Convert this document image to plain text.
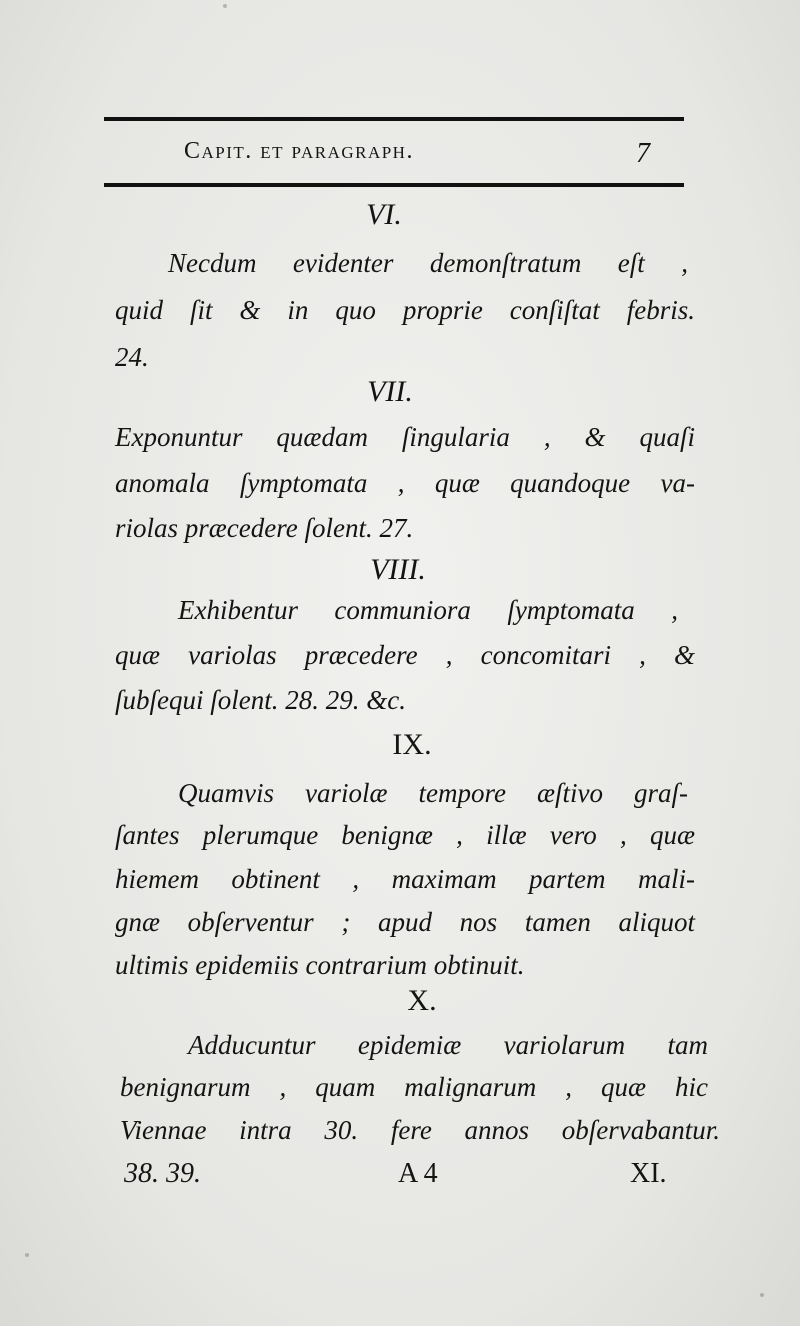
Capit. et paragraph.	7
VI.
Necdum evidenter demonſtratum eſt ,
quid ſit & in quo proprie conſiſtat febris.
24.
VII.
Exponuntur quædam ſingularia , & quaſi
anomala ſymptomata , quæ quandoque va-
riolas præcedere ſolent. 27.
VIII.
Exhibentur communiora ſymptomata ,
quæ variolas præcedere , concomitari , &
ſubſequi ſolent. 28. 29. &c.
IX.
Quamvis variolæ tempore æſtivo graſ-
ſantes plerumque benignæ , illæ vero , quæ
hiemem obtinent , maximam partem mali-
gnæ obſerventur ; apud nos tamen aliquot
ultimis epidemiis contrarium obtinuit.
X.
Adducuntur epidemiæ variolarum tam
benignarum , quam malignarum , quæ hic
Viennae intra 30. fere annos obſervabantur.
38. 39.	A 4	XI.
